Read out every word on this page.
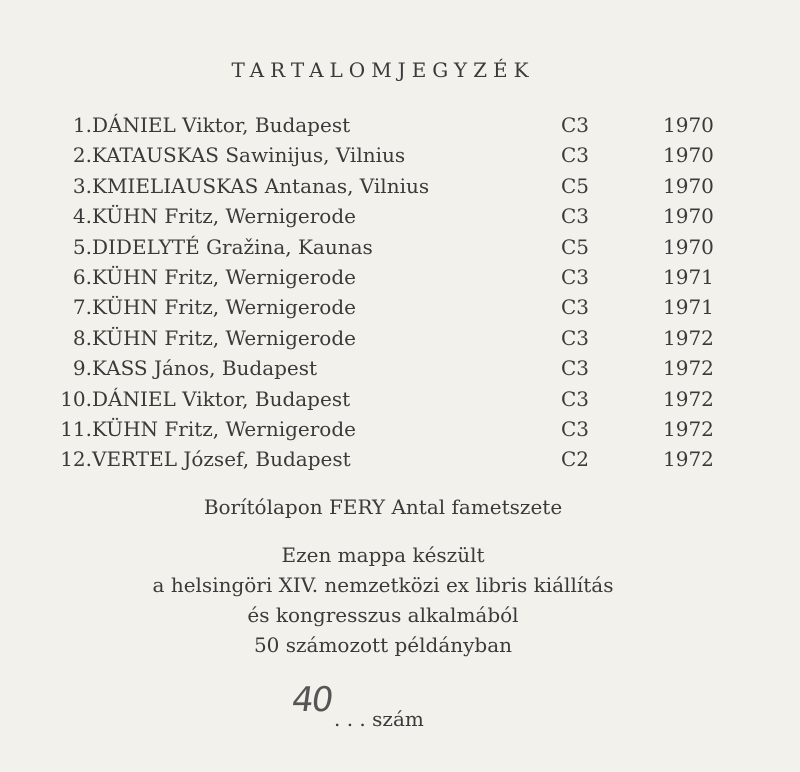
TARTALOMJEGYZÉK
1. DÁNIEL Viktor, Budapest	C3	1970
2. KATAUSKAS Sawinijus, Vilnius	C3	1970
3. KMIELIAUSKAS Antanas, Vilnius	C5	1970
4. KÜHN Fritz, Wernigerode	C3	1970
5. DIDELYTÉ Gražina, Kaunas	C5	1970
6. KÜHN Fritz, Wernigerode	C3	1971
7. KÜHN Fritz, Wernigerode	C3	1971
8. KÜHN Fritz, Wernigerode	C3	1972
9. KASS János, Budapest	C3	1972
10. DÁNIEL Viktor, Budapest	C3	1972
11. KÜHN Fritz, Wernigerode	C3	1972
12. VERTEL József, Budapest	C2	1972
Borítólapon FERY Antal fametszete
Ezen mappa készült
a helsingöri XIV. nemzetközi ex libris kiállítás
és kongresszus alkalmából
50 számozott példányban
40 . . . szám
